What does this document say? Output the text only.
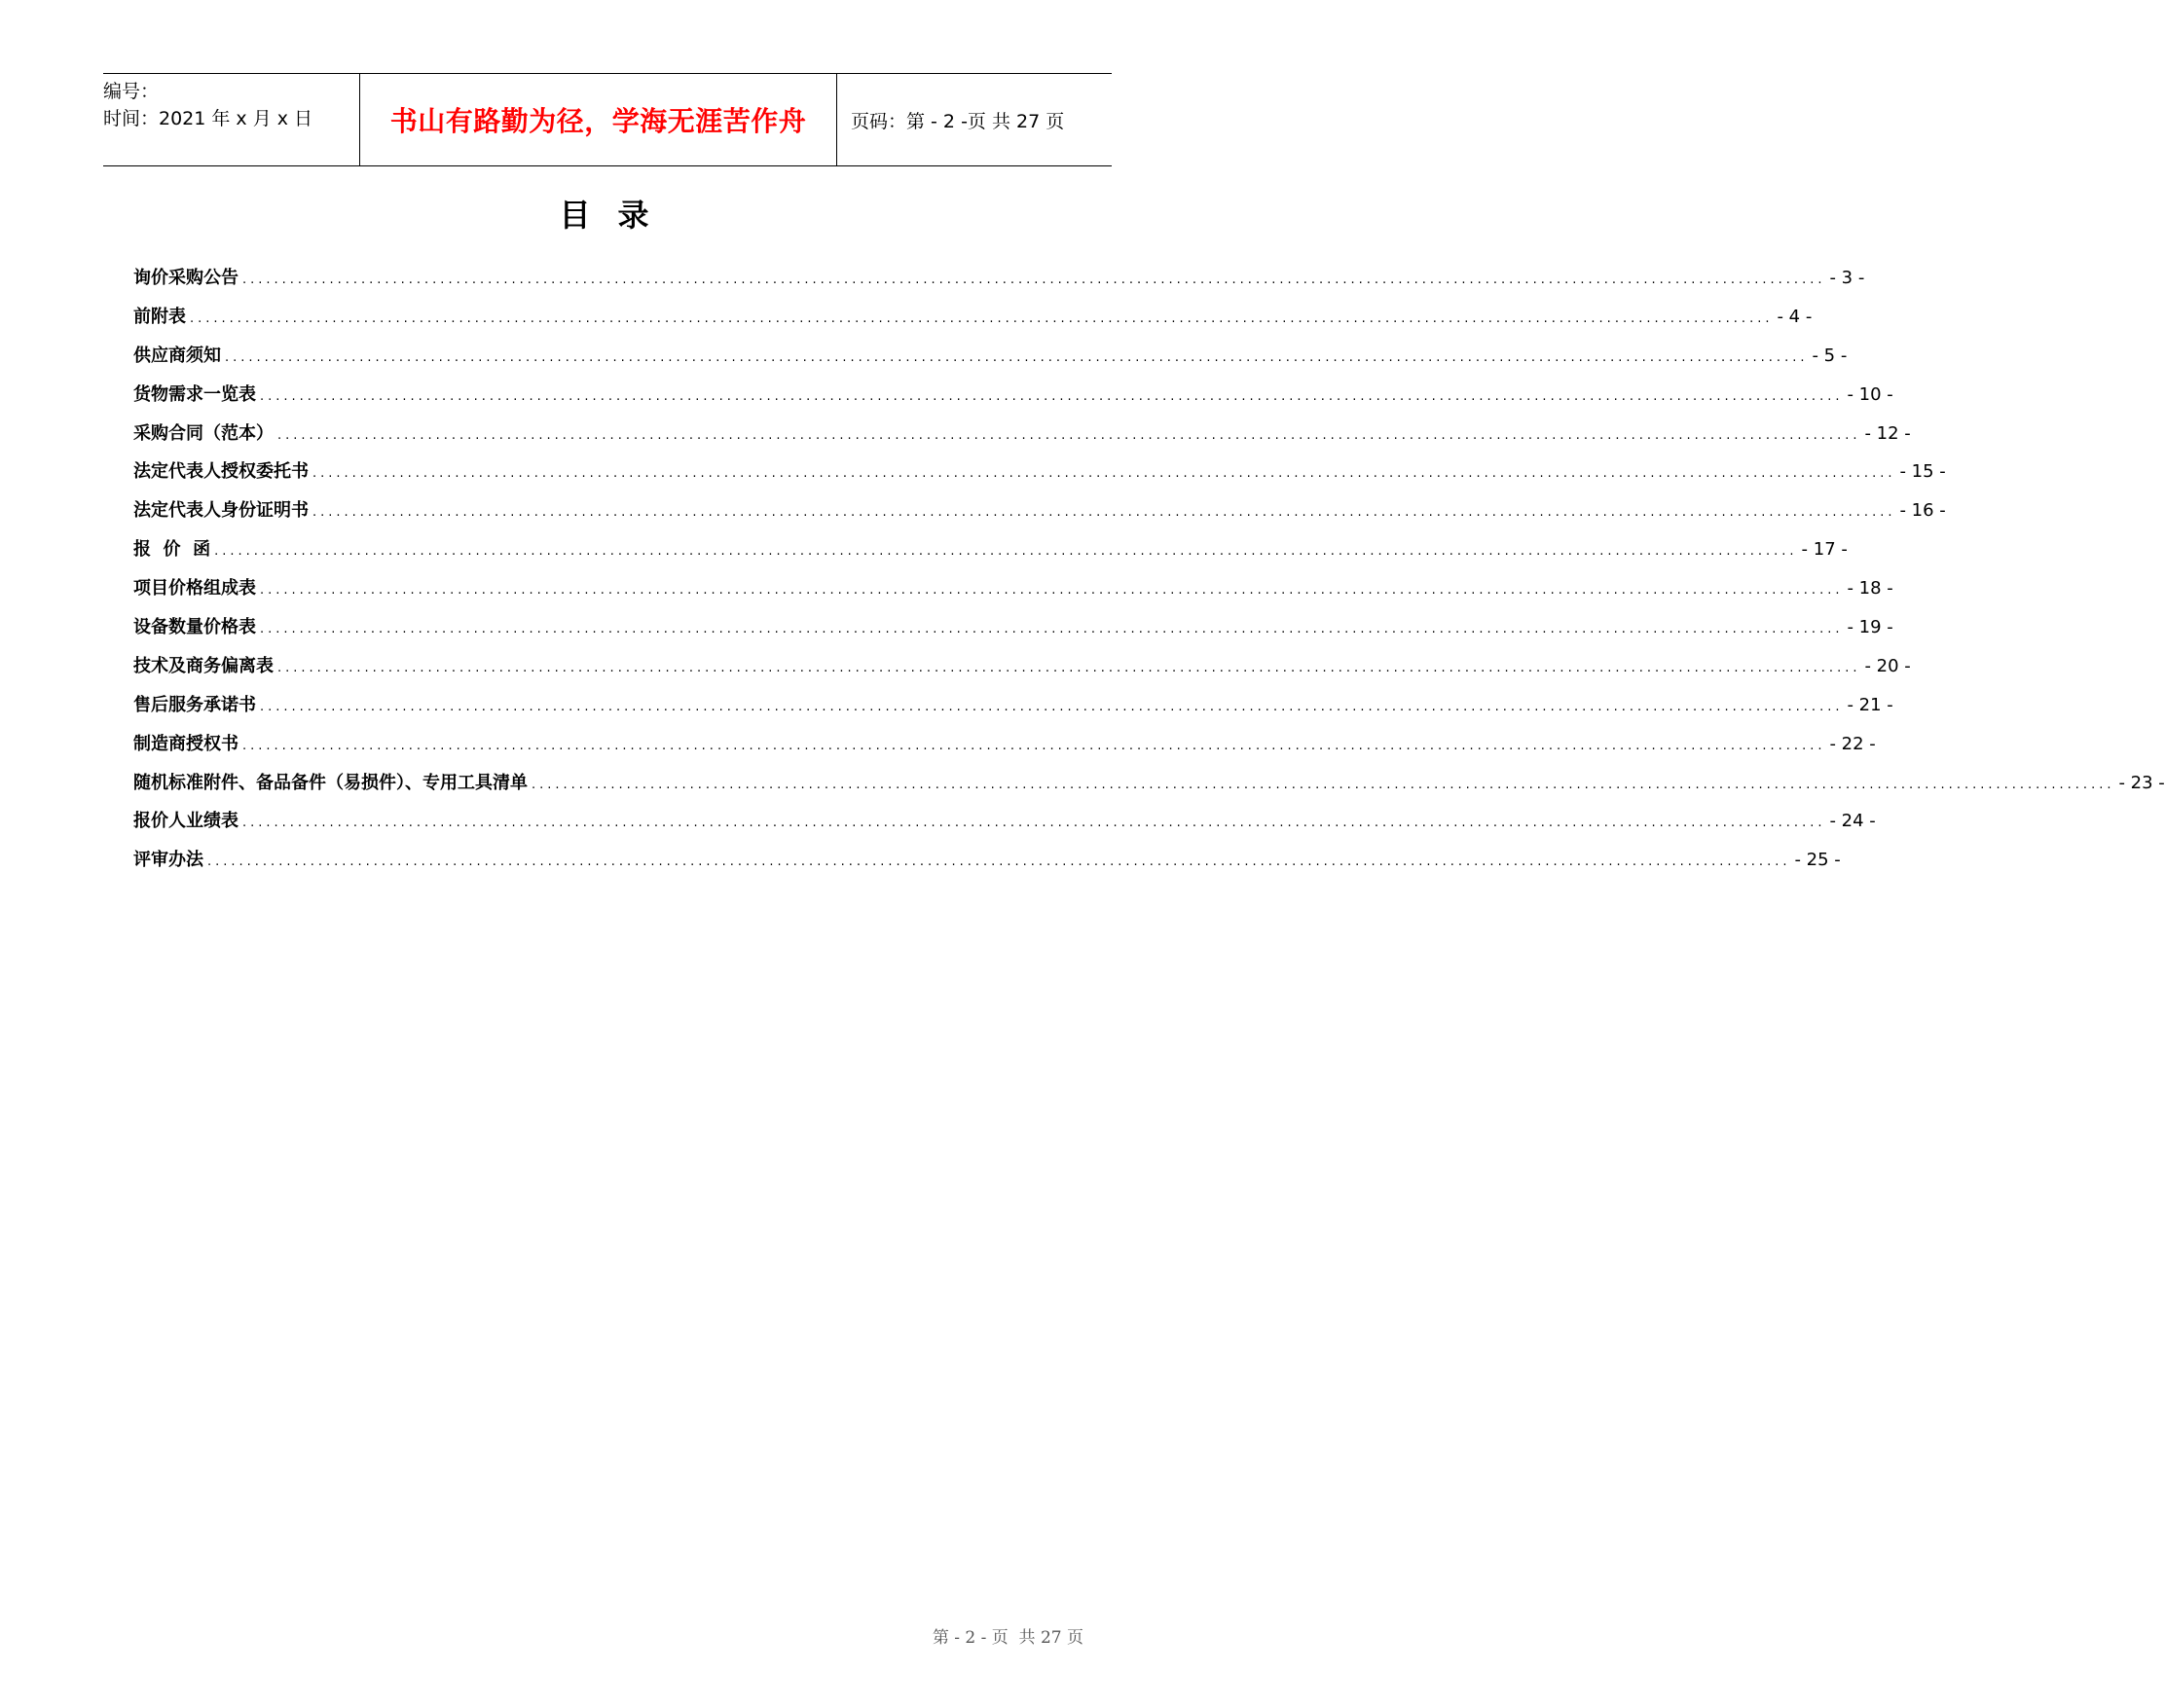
编号：
时间：2021 年 x 月 x 日	书山有路勤为径，学海无涯苦作舟 页码：第 - 2 -页 共 27 页
目录
询价采购公告 ........................................................................................................................................................................................................ - 3 -
前附表 ........................................................................................................................................................................................................ - 4 -
供应商须知 ........................................................................................................................................................................................................ - 5 -
货物需求一览表 ........................................................................................................................................................................................................ - 10 -
采购合同（范本） ........................................................................................................................................................................................................ - 12 -
法定代表人授权委托书 ........................................................................................................................................................................................................ - 15 -
法定代表人身份证明书 ........................................................................................................................................................................................................ - 16 -
报  价  函 ........................................................................................................................................................................................................ - 17 -
项目价格组成表 ........................................................................................................................................................................................................ - 18 -
设备数量价格表 ........................................................................................................................................................................................................ - 19 -
技术及商务偏离表 ........................................................................................................................................................................................................ - 20 -
售后服务承诺书 ........................................................................................................................................................................................................ - 21 -
制造商授权书 ........................................................................................................................................................................................................ - 22 -
随机标准附件、备品备件（易损件）、专用工具清单 ........................................................................................................................................................................................................ - 23 -
报价人业绩表 ........................................................................................................................................................................................................ - 24 -
评审办法 ........................................................................................................................................................................................................ - 25 -
第 - 2 - 页  共 27 页
